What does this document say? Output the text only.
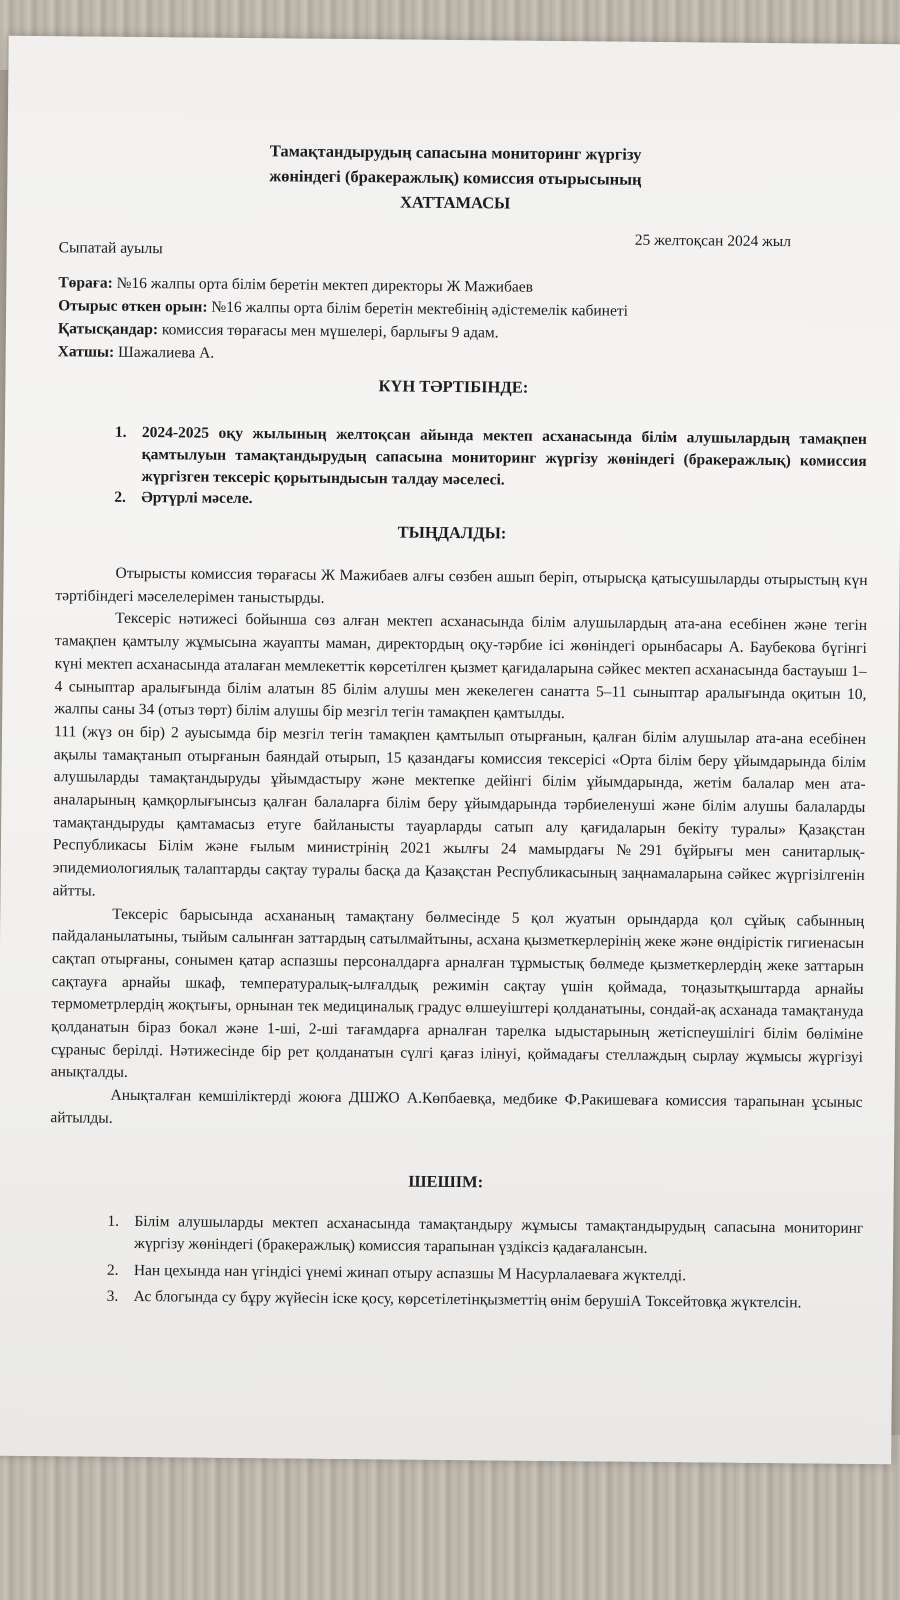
Тамақтандырудың сапасына мониторинг жүргізу
жөніндегі (бракеражлық) комиссия отырысының
ХАТТАМАСЫ
Сыпатай ауылы	25 желтоқсан 2024 жыл
Төраға: №16 жалпы орта білім беретін мектеп директоры Ж Мажибаев
Отырыс өткен орын: №16 жалпы орта білім беретін мектебінің әдістемелік кабинеті
Қатысқандар: комиссия төрағасы мен мүшелері, барлығы 9 адам.
Хатшы: Шажалиева А.
КҮН ТӘРТІБІНДЕ:
1. 2024-2025 оқу жылының желтоқсан айында мектеп асханасында білім алушылардың тамақпен қамтылуын тамақтандырудың сапасына мониторинг жүргізу жөніндегі (бракеражлық) комиссия жүргізген тексеріс қорытындысын талдау мәселесі.
2. Әртүрлі мәселе.
ТЫҢДАЛДЫ:

Отырысты комиссия төрағасы Ж Мажибаев алғы сөзбен ашып беріп, отырысқа қатысушыларды отырыстың күн тәртібіндегі мәселелерімен таныстырды.

Тексеріс нәтижесі бойынша сөз алған мектеп асханасында білім алушылардың ата-ана есебінен және тегін тамақпен қамтылу жұмысына жауапты маман, директордың оқу-тәрбие ісі жөніндегі орынбасары А. Баубекова бүгінгі күні мектеп асханасында аталаған мемлекеттік көрсетілген қызмет қағидаларына сәйкес мектеп асханасында бастауыш 1–4 сыныптар аралығында білім алатын 85 білім алушы мен жекелеген санатта 5–11 сыныптар аралығында оқитын 10, жалпы саны 34 (отыз төрт) білім алушы бір мезгіл тегін тамақпен қамтылды.

111 (жүз он бір) 2 ауысымда бір мезгіл тегін тамақпен қамтылып отырғанын, қалған білім алушылар ата-ана есебінен ақылы тамақтанып отырғанын баяндай отырып, 15 қазандағы комиссия тексерісі «Орта білім беру ұйымдарында білім алушыларды тамақтандыруды ұйымдастыру және мектепке дейінгі білім ұйымдарында, жетім балалар мен ата-аналарының қамқорлығынсыз қалған балаларға білім беру ұйымдарында тәрбиеленуші және білім алушы балаларды тамақтандыруды қамтамасыз етуге байланысты тауарларды сатып алу қағидаларын бекіту туралы» Қазақстан Республикасы Білім және ғылым министрінің 2021 жылғы 24 мамырдағы №291 бұйрығы мен санитарлық-эпидемиологиялық талаптарды сақтау туралы басқа да Қазақстан Республикасының заңнамаларына сәйкес жүргізілгенін айтты.

Тексеріс барысында асхананың тамақтану бөлмесінде 5 қол жуатын орындарда қол сұйық сабынның пайдаланылатыны, тыйым салынған заттардың сатылмайтыны, асхана қызметкерлерінің жеке және өндірістік гигиенасын сақтап отырғаны, сонымен қатар аспазшы персоналдарға арналған тұрмыстық бөлмеде қызметкерлердің жеке заттарын сақтауға арнайы шкаф, температуралық-ылғалдық режимін сақтау үшін қоймада, тоңазытқыштарда арнайы термометрлердің жоқтығы, орнынан тек медициналық градус өлшеуіштері қолданатыны, сондай-ақ асханада тамақтануда қолданатын біраз бокал және 1-ші, 2-ші тағамдарға арналған тарелка ыдыстарының жетіспеушілігі білім бөліміне сұраныс берілді. Нәтижесінде бір рет қолданатын сүлгі қағаз ілінуі, қоймадағы стеллаждың сырлау жұмысы жүргізуі анықталды.

Анықталған кемшіліктерді жоюға ДШЖО А.Көпбаевқа, медбике Ф.Ракишеваға комиссия тарапынан ұсыныс айтылды.

ШЕШІМ:
1. Білім алушыларды мектеп асханасында тамақтандыру жұмысы тамақтандырудың сапасына мониторинг жүргізу жөніндегі (бракеражлық) комиссия тарапынан үздіксіз қадағалансын.
2. Нан цехында нан үгіндісі үнемі жинап отыру аспазшы М Насурлалаеваға жүктелді.
3. Ас блогында су бұру жүйесін іске қосу, көрсетілетінқызметтің өнім берушіА Токсейтовқа жүктелсін.
